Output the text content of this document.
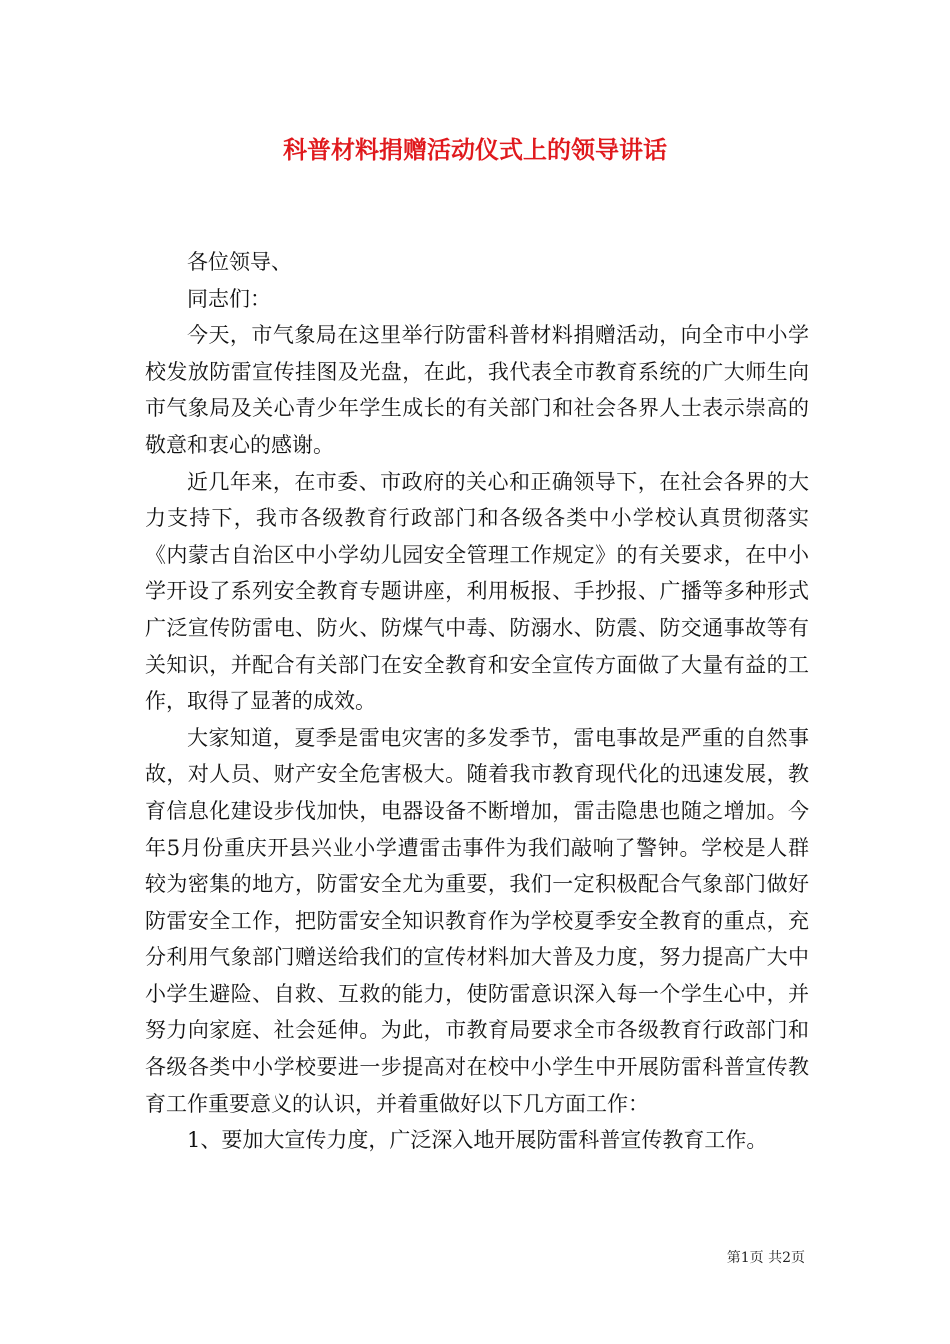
科普材料捐赠活动仪式上的领导讲话

各位领导、

同志们：

今天，市气象局在这里举行防雷科普材料捐赠活动，向全市中小学校发放防雷宣传挂图及光盘，在此，我代表全市教育系统的广大师生向市气象局及关心青少年学生成长的有关部门和社会各界人士表示崇高的敬意和衷心的感谢。

近几年来，在市委、市政府的关心和正确领导下，在社会各界的大力支持下，我市各级教育行政部门和各级各类中小学校认真贯彻落实《内蒙古自治区中小学幼儿园安全管理工作规定》的有关要求，在中小学开设了系列安全教育专题讲座，利用板报、手抄报、广播等多种形式广泛宣传防雷电、防火、防煤气中毒、防溺水、防震、防交通事故等有关知识，并配合有关部门在安全教育和安全宣传方面做了大量有益的工作，取得了显著的成效。

大家知道，夏季是雷电灾害的多发季节，雷电事故是严重的自然事故，对人员、财产安全危害极大。随着我市教育现代化的迅速发展，教育信息化建设步伐加快，电器设备不断增加，雷击隐患也随之增加。今年5月份重庆开县兴业小学遭雷击事件为我们敲响了警钟。学校是人群较为密集的地方，防雷安全尤为重要，我们一定积极配合气象部门做好防雷安全工作，把防雷安全知识教育作为学校夏季安全教育的重点，充分利用气象部门赠送给我们的宣传材料加大普及力度，努力提高广大中小学生避险、自救、互救的能力，使防雷意识深入每一个学生心中，并努力向家庭、社会延伸。为此，市教育局要求全市各级教育行政部门和各级各类中小学校要进一步提高对在校中小学生中开展防雷科普宣传教育工作重要意义的认识，并着重做好以下几方面工作：

1、要加大宣传力度，广泛深入地开展防雷科普宣传教育工作。

第1页 共2页
